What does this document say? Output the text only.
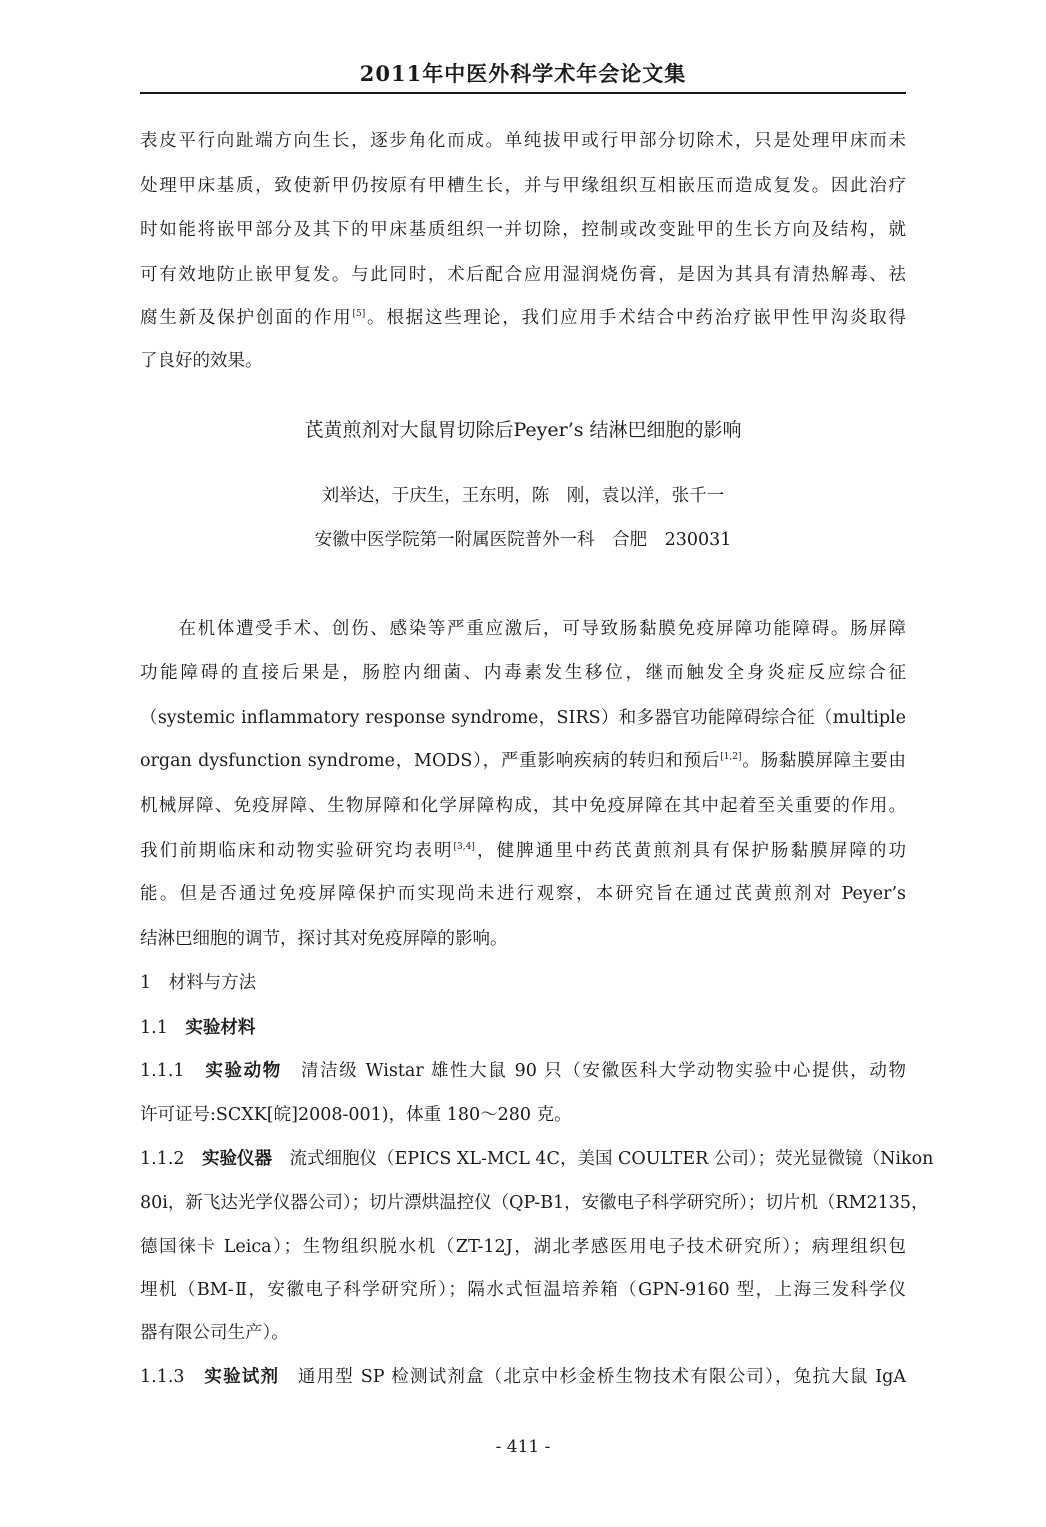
2011年中医外科学术年会论文集
表皮平行向趾端方向生长，逐步角化而成。单纯拔甲或行甲部分切除术，只是处理甲床而未
处理甲床基质，致使新甲仍按原有甲槽生长，并与甲缘组织互相嵌压而造成复发。因此治疗
时如能将嵌甲部分及其下的甲床基质组织一并切除，控制或改变趾甲的生长方向及结构，就
可有效地防止嵌甲复发。与此同时，术后配合应用湿润烧伤膏，是因为其具有清热解毒、祛
腐生新及保护创面的作用[5]。根据这些理论，我们应用手术结合中药治疗嵌甲性甲沟炎取得
了良好的效果。
芪黄煎剂对大鼠胃切除后Peyer’s 结淋巴细胞的影响
刘举达，于庆生，王东明，陈　刚，袁以洋，张千一
安徽中医学院第一附属医院普外一科　合肥　230031
　　在机体遭受手术、创伤、感染等严重应激后，可导致肠黏膜免疫屏障功能障碍。肠屏障
功能障碍的直接后果是，肠腔内细菌、内毒素发生移位，继而触发全身炎症反应综合征
（systemic inflammatory response syndrome，SIRS）和多器官功能障碍综合征（multiple
organ dysfunction syndrome，MODS），严重影响疾病的转归和预后[1,2]。肠黏膜屏障主要由
机械屏障、免疫屏障、生物屏障和化学屏障构成，其中免疫屏障在其中起着至关重要的作用。
我们前期临床和动物实验研究均表明[3,4]，健脾通里中药芪黄煎剂具有保护肠黏膜屏障的功
能。但是否通过免疫屏障保护而实现尚未进行观察，本研究旨在通过芪黄煎剂对 Peyer’s
结淋巴细胞的调节，探讨其对免疫屏障的影响。
1　 材料与方法
1.1　 实验材料
1.1.1　 实验动物　 清洁级 Wistar 雄性大鼠 90 只（安徽医科大学动物实验中心提供，动物
许可证号:SCXK[皖]2008-001)，体重 180～280 克。
1.1.2　 实验仪器　 流式细胞仪（EPICS XL-MCL 4C，美国 COULTER 公司）；荧光显微镜（Nikon
80i，新飞达光学仪器公司）；切片漂烘温控仪（QP-B1，安徽电子科学研究所）；切片机（RM2135，
德国徕卡 Leica）；生物组织脱水机（ZT-12J，湖北孝感医用电子技术研究所）；病理组织包
埋机（BM-Ⅱ，安徽电子科学研究所）；隔水式恒温培养箱（GPN-9160 型，上海三发科学仪
器有限公司生产）。
1.1.3　 实验试剂　 通用型 SP 检测试剂盒（北京中杉金桥生物技术有限公司），兔抗大鼠 IgA
- 411 -
